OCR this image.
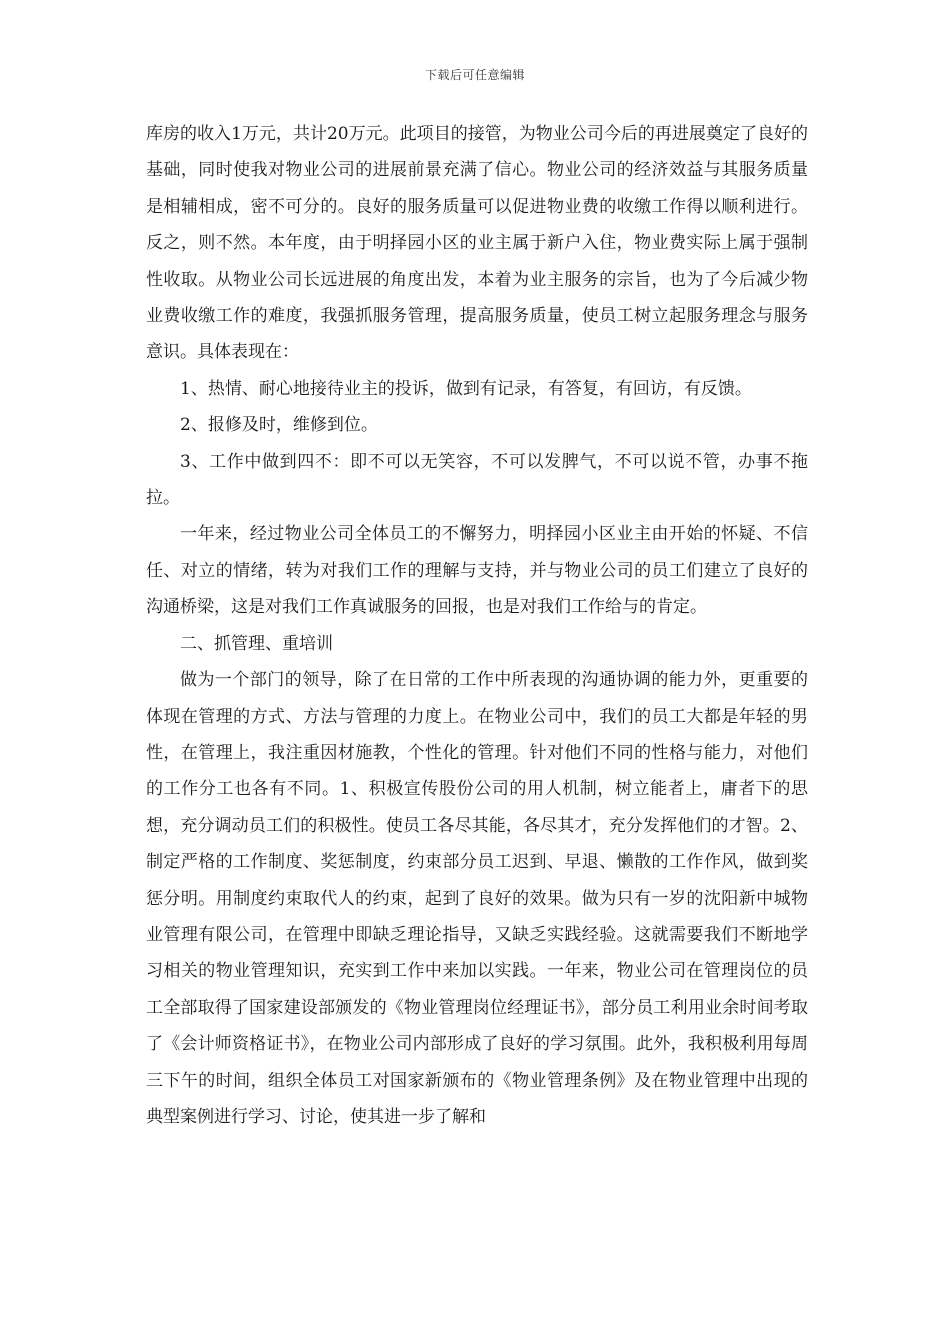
下载后可任意编辑

库房的收入1万元，共计20万元。此项目的接管，为物业公司今后的再进展奠定了良好的基础，同时使我对物业公司的进展前景充满了信心。物业公司的经济效益与其服务质量是相辅相成，密不可分的。良好的服务质量可以促进物业费的收缴工作得以顺利进行。反之，则不然。本年度，由于明择园小区的业主属于新户入住，物业费实际上属于强制性收取。从物业公司长远进展的角度出发，本着为业主服务的宗旨，也为了今后减少物业费收缴工作的难度，我强抓服务管理，提高服务质量，使员工树立起服务理念与服务意识。具体表现在：

1、热情、耐心地接待业主的投诉，做到有记录，有答复，有回访，有反馈。

2、报修及时，维修到位。

3、工作中做到四不：即不可以无笑容，不可以发脾气，不可以说不管，办事不拖拉。

一年来，经过物业公司全体员工的不懈努力，明择园小区业主由开始的怀疑、不信任、对立的情绪，转为对我们工作的理解与支持，并与物业公司的员工们建立了良好的沟通桥梁，这是对我们工作真诚服务的回报，也是对我们工作给与的肯定。

二、抓管理、重培训

做为一个部门的领导，除了在日常的工作中所表现的沟通协调的能力外，更重要的体现在管理的方式、方法与管理的力度上。在物业公司中，我们的员工大都是年轻的男性，在管理上，我注重因材施教，个性化的管理。针对他们不同的性格与能力，对他们的工作分工也各有不同。1、积极宣传股份公司的用人机制，树立能者上，庸者下的思想，充分调动员工们的积极性。使员工各尽其能，各尽其才，充分发挥他们的才智。2、制定严格的工作制度、奖惩制度，约束部分员工迟到、早退、懒散的工作作风，做到奖惩分明。用制度约束取代人的约束，起到了良好的效果。做为只有一岁的沈阳新中城物业管理有限公司，在管理中即缺乏理论指导，又缺乏实践经验。这就需要我们不断地学习相关的物业管理知识，充实到工作中来加以实践。一年来，物业公司在管理岗位的员工全部取得了国家建设部颁发的《物业管理岗位经理证书》，部分员工利用业余时间考取了《会计师资格证书》，在物业公司内部形成了良好的学习氛围。此外，我积极利用每周三下午的时间，组织全体员工对国家新颁布的《物业管理条例》及在物业管理中出现的典型案例进行学习、讨论，使其进一步了解和
